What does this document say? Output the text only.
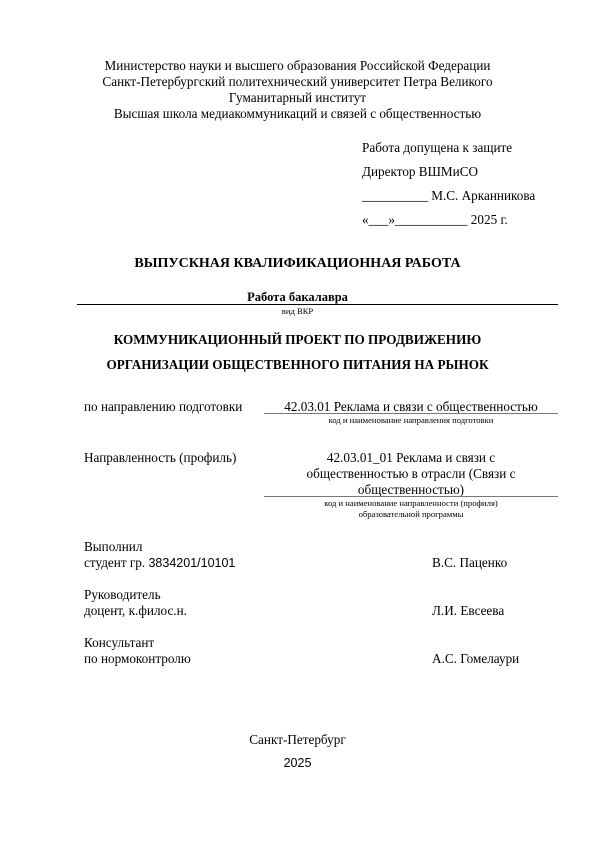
Министерство науки и высшего образования Российской Федерации
Санкт-Петербургский политехнический университет Петра Великого
Гуманитарный институт
Высшая школа медиакоммуникаций и связей с общественностью
Работа допущена к защите
Директор ВШМиСО
__________ М.С. Арканникова
«___»___________ 2025 г.
ВЫПУСКНАЯ КВАЛИФИКАЦИОННАЯ РАБОТА
Работа бакалавра
вид ВКР
КОММУНИКАЦИОННЫЙ ПРОЕКТ ПО ПРОДВИЖЕНИЮ
ОРГАНИЗАЦИИ ОБЩЕСТВЕННОГО ПИТАНИЯ НА РЫНОК
по направлению подготовки	42.03.01 Реклама и связи с общественностью
код и наименование направления подготовки
Направленность (профиль)	42.03.01_01 Реклама и связи с
общественностью в отрасли (Связи с
общественностью)
код и наименование направленности (профиля)
образовательной программы
Выполнил
студент гр. 3834201/10101	В.С. Паценко
Руководитель
доцент, к.филос.н.	Л.И. Евсеева
Консультант
по нормоконтролю	А.С. Гомелаури
Санкт-Петербург
2025
